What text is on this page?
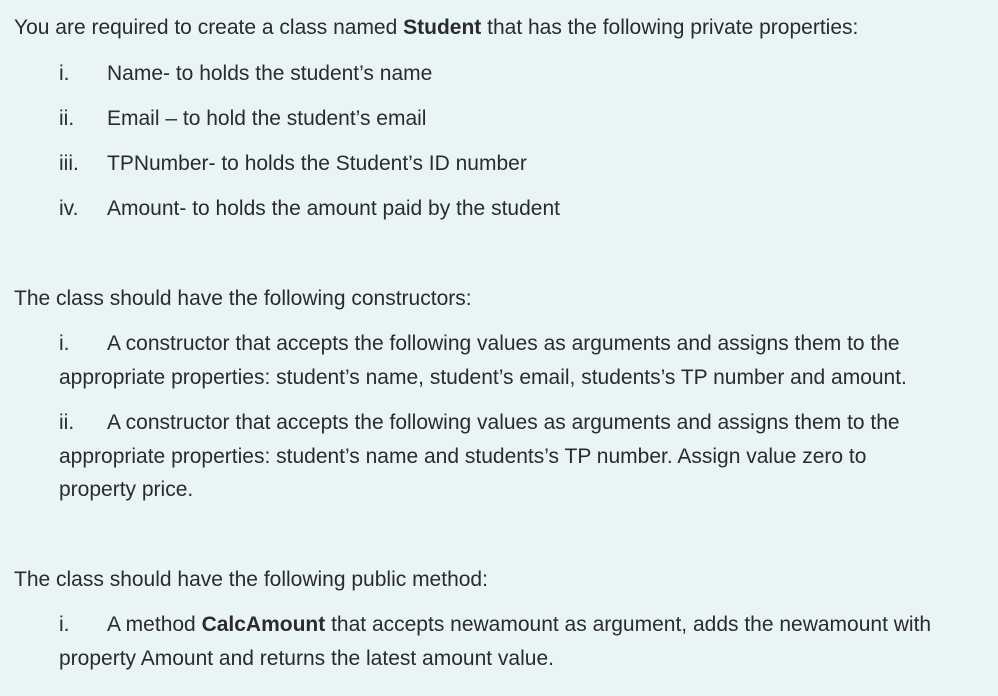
You are required to create a class named Student that has the following private properties:
i. Name- to holds the student’s name
ii. Email – to hold the student’s email
iii. TPNumber- to holds the Student’s ID number
iv. Amount- to holds the amount paid by the student
The class should have the following constructors:
i. A constructor that accepts the following values as arguments and assigns them to the
appropriate properties: student’s name, student’s email, students’s TP number and amount.
ii. A constructor that accepts the following values as arguments and assigns them to the
appropriate properties: student’s name and students’s TP number. Assign value zero to
property price.
The class should have the following public method:
i. A method CalcAmount that accepts newamount as argument, adds the newamount with
property Amount and returns the latest amount value.
